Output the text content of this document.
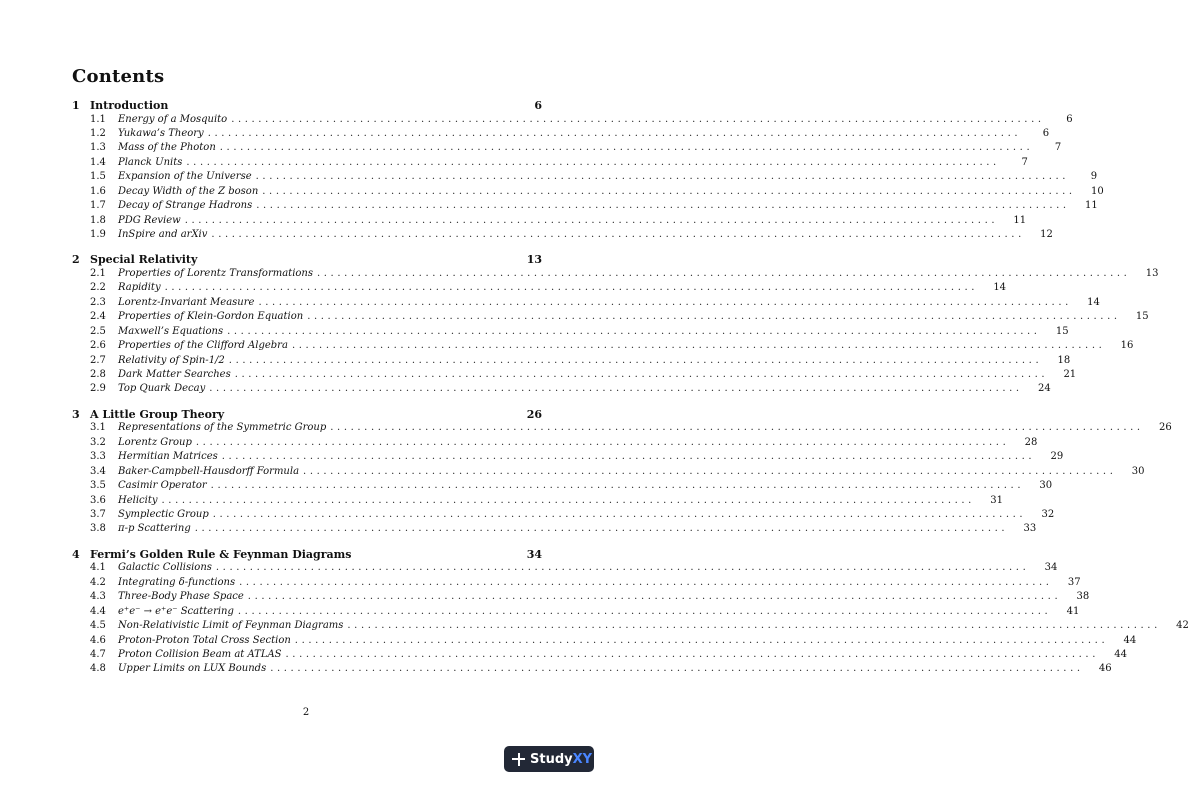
Contents
1 Introduction	6
1.1	Energy of a Mosquito ........................................................................................................................	6
1.2	Yukawa’s Theory ........................................................................................................................	6
1.3	Mass of the Photon ........................................................................................................................	7
1.4	Planck Units ........................................................................................................................	7
1.5	Expansion of the Universe ........................................................................................................................	9
1.6	Decay Width of the Z boson ........................................................................................................................	10
1.7	Decay of Strange Hadrons ........................................................................................................................	11
1.8	PDG Review ........................................................................................................................	11
1.9	InSpire and arXiv ........................................................................................................................	12
2 Special Relativity	13
2.1	Properties of Lorentz Transformations ........................................................................................................................	13
2.2	Rapidity ........................................................................................................................	14
2.3	Lorentz-Invariant Measure ........................................................................................................................	14
2.4	Properties of Klein-Gordon Equation ........................................................................................................................	15
2.5	Maxwell’s Equations ........................................................................................................................	15
2.6	Properties of the Clifford Algebra ........................................................................................................................	16
2.7	Relativity of Spin-1/2 ........................................................................................................................	18
2.8	Dark Matter Searches ........................................................................................................................	21
2.9	Top Quark Decay ........................................................................................................................	24
3 A Little Group Theory	26
3.1	Representations of the Symmetric Group ........................................................................................................................	26
3.2	Lorentz Group ........................................................................................................................	28
3.3	Hermitian Matrices ........................................................................................................................	29
3.4	Baker-Campbell-Hausdorff Formula ........................................................................................................................	30
3.5	Casimir Operator ........................................................................................................................	30
3.6	Helicity ........................................................................................................................	31
3.7	Symplectic Group ........................................................................................................................	32
3.8	π-p Scattering ........................................................................................................................	33
4 Fermi’s Golden Rule & Feynman Diagrams	34
4.1	Galactic Collisions ........................................................................................................................	34
4.2	Integrating δ-functions ........................................................................................................................	37
4.3	Three-Body Phase Space ........................................................................................................................	38
4.4	e⁺e⁻ → e⁺e⁻ Scattering ........................................................................................................................	41
4.5	Non-Relativistic Limit of Feynman Diagrams ........................................................................................................................	42
4.6	Proton-Proton Total Cross Section ........................................................................................................................	44
4.7	Proton Collision Beam at ATLAS ........................................................................................................................	44
4.8	Upper Limits on LUX Bounds ........................................................................................................................	46
2
StudyXY
